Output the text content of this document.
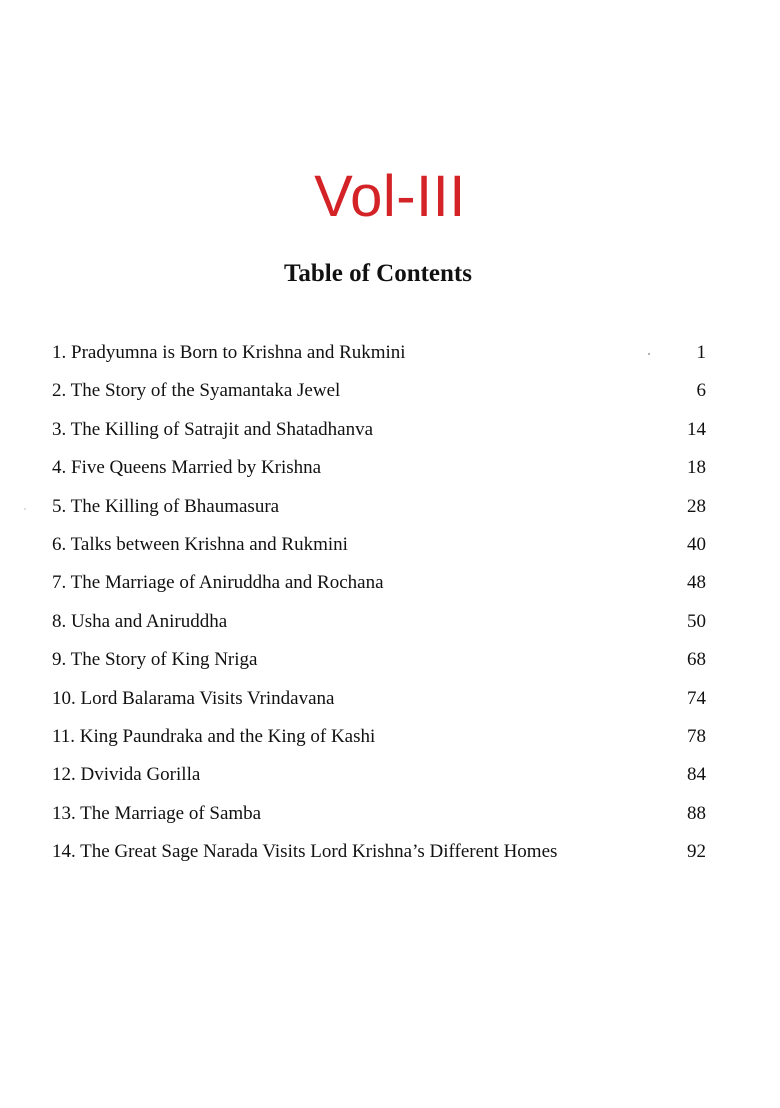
Vol-III
Table of Contents
1. Pradyumna is Born to Krishna and Rukmini	1
2. The Story of the Syamantaka Jewel	6
3. The Killing of Satrajit and Shatadhanva	14
4. Five Queens Married by Krishna	18
5. The Killing of Bhaumasura	28
6. Talks between Krishna and Rukmini	40
7. The Marriage of Aniruddha and Rochana	48
8. Usha and Aniruddha	50
9. The Story of King Nriga	68
10. Lord Balarama Visits Vrindavana	74
11. King Paundraka and the King of Kashi	78
12. Dvivida Gorilla	84
13. The Marriage of Samba	88
14. The Great Sage Narada Visits Lord Krishna’s Different Homes	92
